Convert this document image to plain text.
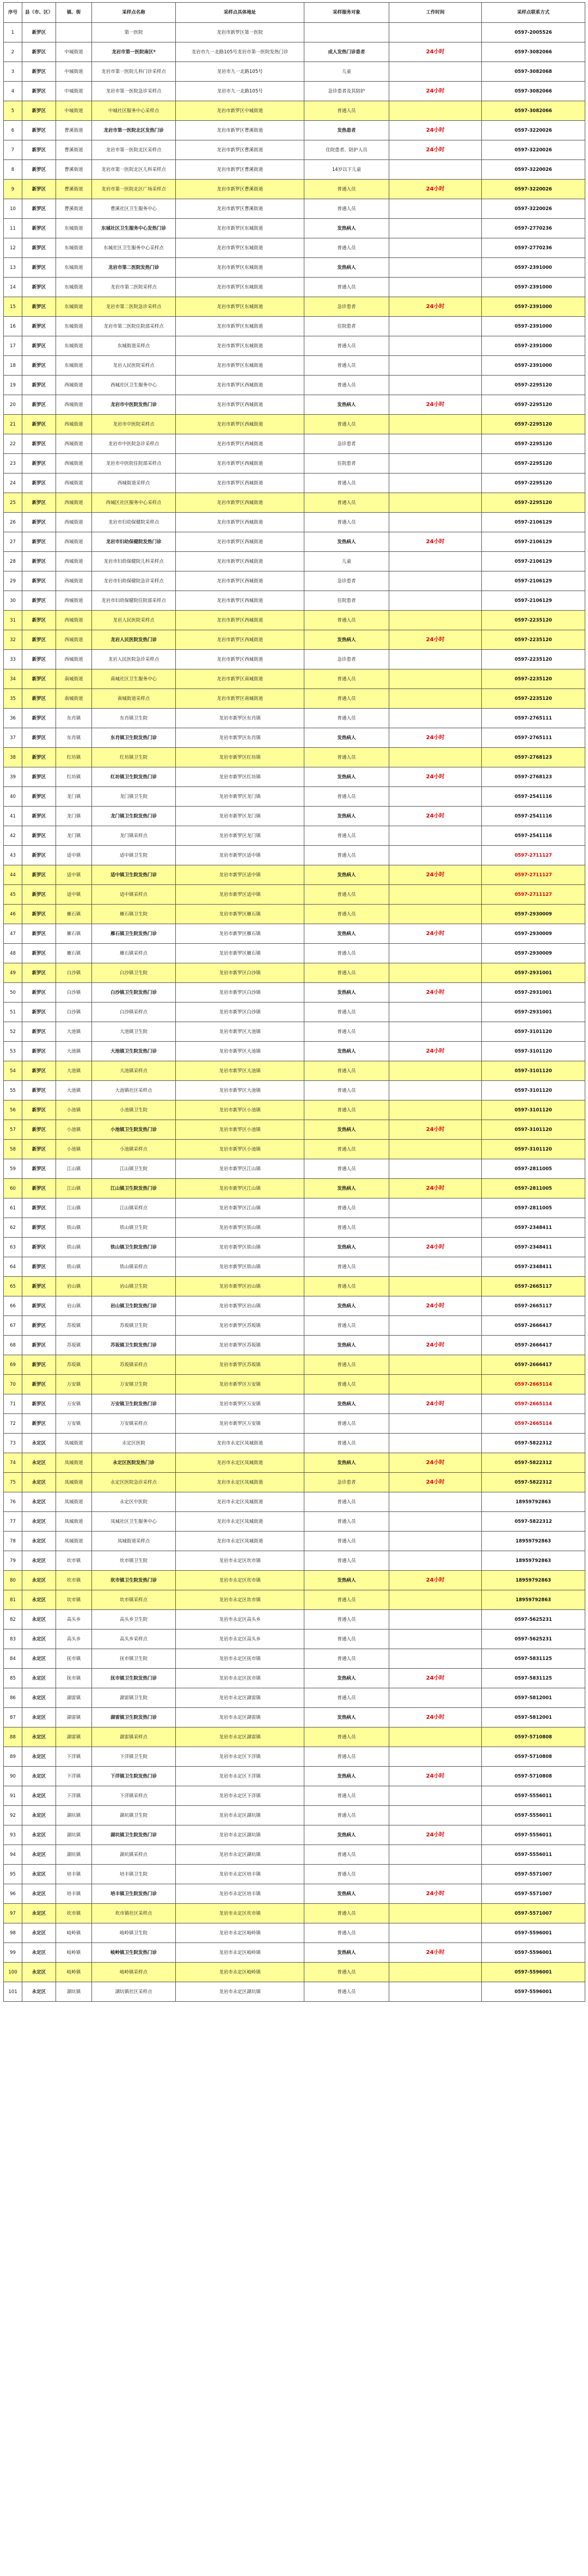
序号	县（市、区）	镇、街	采样点名称	采样点具体地址	采样服务对象	工作时间	采样点联系方式
1	新罗区		第一医院	龙岩市新罗区第一医院			0597-2005526
2	新罗区	中城街道	龙岩市第一医院南区*	龙岩市九一北路105号龙岩市第一医院发热门诊	成人发热门诊患者	24小时	0597-3082066
3	新罗区	中城街道	龙岩市第一医院儿科门诊采样点	龙岩市九一北路105号	儿童		0597-3082068
4	新罗区	中城街道	龙岩市第一医院急诊采样点	龙岩市九一北路105号	急诊患者及其陪护	24小时	0597-3082066
5	新罗区	中城街道	中城社区服务中心采样点	龙岩市新罗区中城街道	普通人员		0597-3082066
6	新罗区	曹溪街道	龙岩市第一医院北区发热门诊	龙岩市新罗区曹溪街道	发热患者	24小时	0597-3220026
7	新罗区	曹溪街道	龙岩市第一医院北区采样点	龙岩市新罗区曹溪街道	住院患者、陪护人员	24小时	0597-3220026
8	新罗区	曹溪街道	龙岩市第一医院北区儿科采样点	龙岩市新罗区曹溪街道	14岁以下儿童		0597-3220026
9	新罗区	曹溪街道	龙岩市第一医院北区广场采样点	龙岩市新罗区曹溪街道	普通人员	24小时	0597-3220026
10	新罗区	曹溪街道	曹溪社区卫生服务中心	龙岩市新罗区曹溪街道	普通人员		0597-3220026
11	新罗区	东城街道	东城社区卫生服务中心发热门诊	龙岩市新罗区东城街道	发热病人		0597-2770236
12	新罗区	东城街道	东城社区卫生服务中心采样点	龙岩市新罗区东城街道	普通人员		0597-2770236
13	新罗区	东城街道	龙岩市第二医院发热门诊	龙岩市新罗区东城街道	发热病人		0597-2391000
14	新罗区	东城街道	龙岩市第二医院采样点	龙岩市新罗区东城街道	普通人员		0597-2391000
15	新罗区	东城街道	龙岩市第二医院急诊采样点	龙岩市新罗区东城街道	急诊患者	24小时	0597-2391000
16	新罗区	东城街道	龙岩市第二医院住院部采样点	龙岩市新罗区东城街道	住院患者		0597-2391000
17	新罗区	东城街道	东城街道采样点	龙岩市新罗区东城街道	普通人员		0597-2391000
18	新罗区	东城街道	龙岩人民医院采样点	龙岩市新罗区东城街道	普通人员		0597-2391000
19	新罗区	西城街道	西城社区卫生服务中心	龙岩市新罗区西城街道	普通人员		0597-2295120
20	新罗区	西城街道	龙岩市中医院发热门诊	龙岩市新罗区西城街道	发热病人	24小时	0597-2295120
21	新罗区	西城街道	龙岩市中医院采样点	龙岩市新罗区西城街道	普通人员		0597-2295120
22	新罗区	西城街道	龙岩市中医院急诊采样点	龙岩市新罗区西城街道	急诊患者		0597-2295120
23	新罗区	西城街道	龙岩市中医院住院部采样点	龙岩市新罗区西城街道	住院患者		0597-2295120
24	新罗区	西城街道	西城街道采样点	龙岩市新罗区西城街道	普通人员		0597-2295120
25	新罗区	西城街道	西城区社区服务中心采样点	龙岩市新罗区西城街道	普通人员		0597-2295120
26	新罗区	西城街道	龙岩市妇幼保健院采样点	龙岩市新罗区西城街道	普通人员		0597-2106129
27	新罗区	西城街道	龙岩市妇幼保健院发热门诊	龙岩市新罗区西城街道	发热病人	24小时	0597-2106129
28	新罗区	西城街道	龙岩市妇幼保健院儿科采样点	龙岩市新罗区西城街道	儿童		0597-2106129
29	新罗区	西城街道	龙岩市妇幼保健院急诊采样点	龙岩市新罗区西城街道	急诊患者		0597-2106129
30	新罗区	西城街道	龙岩市妇幼保健院住院部采样点	龙岩市新罗区西城街道	住院患者		0597-2106129
31	新罗区	西城街道	龙岩人民医院采样点	龙岩市新罗区西城街道	普通人员		0597-2235120
32	新罗区	西城街道	龙岩人民医院发热门诊	龙岩市新罗区西城街道	发热病人	24小时	0597-2235120
33	新罗区	西城街道	龙岩人民医院急诊采样点	龙岩市新罗区西城街道	急诊患者		0597-2235120
34	新罗区	南城街道	南城社区卫生服务中心	龙岩市新罗区南城街道	普通人员		0597-2235120
35	新罗区	南城街道	南城街道采样点	龙岩市新罗区南城街道	普通人员		0597-2235120
36	新罗区	东肖镇	东肖镇卫生院	龙岩市新罗区东肖镇	普通人员		0597-2765111
37	新罗区	东肖镇	东肖镇卫生院发热门诊	龙岩市新罗区东肖镇	发热病人	24小时	0597-2765111
38	新罗区	红坊镇	红坊镇卫生院	龙岩市新罗区红坊镇	普通人员		0597-2768123
39	新罗区	红坊镇	红坊镇卫生院发热门诊	龙岩市新罗区红坊镇	发热病人	24小时	0597-2768123
40	新罗区	龙门镇	龙门镇卫生院	龙岩市新罗区龙门镇	普通人员		0597-2541116
41	新罗区	龙门镇	龙门镇卫生院发热门诊	龙岩市新罗区龙门镇	发热病人	24小时	0597-2541116
42	新罗区	龙门镇	龙门镇采样点	龙岩市新罗区龙门镇	普通人员		0597-2541116
43	新罗区	适中镇	适中镇卫生院	龙岩市新罗区适中镇	普通人员		0597-2711127
44	新罗区	适中镇	适中镇卫生院发热门诊	龙岩市新罗区适中镇	发热病人	24小时	0597-2711127
45	新罗区	适中镇	适中镇采样点	龙岩市新罗区适中镇	普通人员		0597-2711127
46	新罗区	雁石镇	雁石镇卫生院	龙岩市新罗区雁石镇	普通人员		0597-2930009
47	新罗区	雁石镇	雁石镇卫生院发热门诊	龙岩市新罗区雁石镇	发热病人	24小时	0597-2930009
48	新罗区	雁石镇	雁石镇采样点	龙岩市新罗区雁石镇	普通人员		0597-2930009
49	新罗区	白沙镇	白沙镇卫生院	龙岩市新罗区白沙镇	普通人员		0597-2931001
50	新罗区	白沙镇	白沙镇卫生院发热门诊	龙岩市新罗区白沙镇	发热病人	24小时	0597-2931001
51	新罗区	白沙镇	白沙镇采样点	龙岩市新罗区白沙镇	普通人员		0597-2931001
52	新罗区	大池镇	大池镇卫生院	龙岩市新罗区大池镇	普通人员		0597-3101120
53	新罗区	大池镇	大池镇卫生院发热门诊	龙岩市新罗区大池镇	发热病人	24小时	0597-3101120
54	新罗区	大池镇	大池镇采样点	龙岩市新罗区大池镇	普通人员		0597-3101120
55	新罗区	大池镇	大池镇社区采样点	龙岩市新罗区大池镇	普通人员		0597-3101120
56	新罗区	小池镇	小池镇卫生院	龙岩市新罗区小池镇	普通人员		0597-3101120
57	新罗区	小池镇	小池镇卫生院发热门诊	龙岩市新罗区小池镇	发热病人	24小时	0597-3101120
58	新罗区	小池镇	小池镇采样点	龙岩市新罗区小池镇	普通人员		0597-3101120
59	新罗区	江山镇	江山镇卫生院	龙岩市新罗区江山镇	普通人员		0597-2811005
60	新罗区	江山镇	江山镇卫生院发热门诊	龙岩市新罗区江山镇	发热病人	24小时	0597-2811005
61	新罗区	江山镇	江山镇采样点	龙岩市新罗区江山镇	普通人员		0597-2811005
62	新罗区	铁山镇	铁山镇卫生院	龙岩市新罗区铁山镇	普通人员		0597-2348411
63	新罗区	铁山镇	铁山镇卫生院发热门诊	龙岩市新罗区铁山镇	发热病人	24小时	0597-2348411
64	新罗区	铁山镇	铁山镇采样点	龙岩市新罗区铁山镇	普通人员		0597-2348411
65	新罗区	岩山镇	岩山镇卫生院	龙岩市新罗区岩山镇	普通人员		0597-2665117
66	新罗区	岩山镇	岩山镇卫生院发热门诊	龙岩市新罗区岩山镇	发热病人	24小时	0597-2665117
67	新罗区	苏坂镇	苏坂镇卫生院	龙岩市新罗区苏坂镇	普通人员		0597-2666417
68	新罗区	苏坂镇	苏坂镇卫生院发热门诊	龙岩市新罗区苏坂镇	发热病人	24小时	0597-2666417
69	新罗区	苏坂镇	苏坂镇采样点	龙岩市新罗区苏坂镇	普通人员		0597-2666417
70	新罗区	万安镇	万安镇卫生院	龙岩市新罗区万安镇	普通人员		0597-2665114
71	新罗区	万安镇	万安镇卫生院发热门诊	龙岩市新罗区万安镇	发热病人	24小时	0597-2665114
72	新罗区	万安镇	万安镇采样点	龙岩市新罗区万安镇	普通人员		0597-2665114
73	永定区	凤城街道	永定区医院	龙岩市永定区凤城街道	普通人员		0597-5822312
74	永定区	凤城街道	永定区医院发热门诊	龙岩市永定区凤城街道	发热病人	24小时	0597-5822312
75	永定区	凤城街道	永定区医院急诊采样点	龙岩市永定区凤城街道	急诊患者	24小时	0597-5822312
76	永定区	凤城街道	永定区中医院	龙岩市永定区凤城街道	普通人员		18959792863
77	永定区	凤城街道	凤城社区卫生服务中心	龙岩市永定区凤城街道	普通人员		0597-5822312
78	永定区	凤城街道	凤城街道采样点	龙岩市永定区凤城街道	普通人员		18959792863
79	永定区	坎市镇	坎市镇卫生院	龙岩市永定区坎市镇	普通人员		18959792863
80	永定区	坎市镇	坎市镇卫生院发热门诊	龙岩市永定区坎市镇	发热病人	24小时	18959792863
81	永定区	坎市镇	坎市镇采样点	龙岩市永定区坎市镇	普通人员		18959792863
82	永定区	高头乡	高头乡卫生院	龙岩市永定区高头乡	普通人员		0597-5625231
83	永定区	高头乡	高头乡采样点	龙岩市永定区高头乡	普通人员		0597-5625231
84	永定区	抚市镇	抚市镇卫生院	龙岩市永定区抚市镇	普通人员		0597-5831125
85	永定区	抚市镇	抚市镇卫生院发热门诊	龙岩市永定区抚市镇	发热病人	24小时	0597-5831125
86	永定区	湖雷镇	湖雷镇卫生院	龙岩市永定区湖雷镇	普通人员		0597-5812001
87	永定区	湖雷镇	湖雷镇卫生院发热门诊	龙岩市永定区湖雷镇	发热病人	24小时	0597-5812001
88	永定区	湖雷镇	湖雷镇采样点	龙岩市永定区湖雷镇	普通人员		0597-5710808
89	永定区	下洋镇	下洋镇卫生院	龙岩市永定区下洋镇	普通人员		0597-5710808
90	永定区	下洋镇	下洋镇卫生院发热门诊	龙岩市永定区下洋镇	发热病人	24小时	0597-5710808
91	永定区	下洋镇	下洋镇采样点	龙岩市永定区下洋镇	普通人员		0597-5556011
92	永定区	湖坑镇	湖坑镇卫生院	龙岩市永定区湖坑镇	普通人员		0597-5556011
93	永定区	湖坑镇	湖坑镇卫生院发热门诊	龙岩市永定区湖坑镇	发热病人	24小时	0597-5556011
94	永定区	湖坑镇	湖坑镇采样点	龙岩市永定区湖坑镇	普通人员		0597-5556011
95	永定区	培丰镇	培丰镇卫生院	龙岩市永定区培丰镇	普通人员		0597-5571007
96	永定区	培丰镇	培丰镇卫生院发热门诊	龙岩市永定区培丰镇	发热病人	24小时	0597-5571007
97	永定区	坎市镇	坎市镇社区采样点	龙岩市永定区坎市镇	普通人员		0597-5571007
98	永定区	岐岭镇	岐岭镇卫生院	龙岩市永定区岐岭镇	普通人员		0597-5596001
99	永定区	岐岭镇	岐岭镇卫生院发热门诊	龙岩市永定区岐岭镇	发热病人	24小时	0597-5596001
100	永定区	岐岭镇	岐岭镇采样点	龙岩市永定区岐岭镇	普通人员		0597-5596001
101	永定区	湖坑镇	湖坑镇社区采样点	龙岩市永定区湖坑镇	普通人员		0597-5596001
